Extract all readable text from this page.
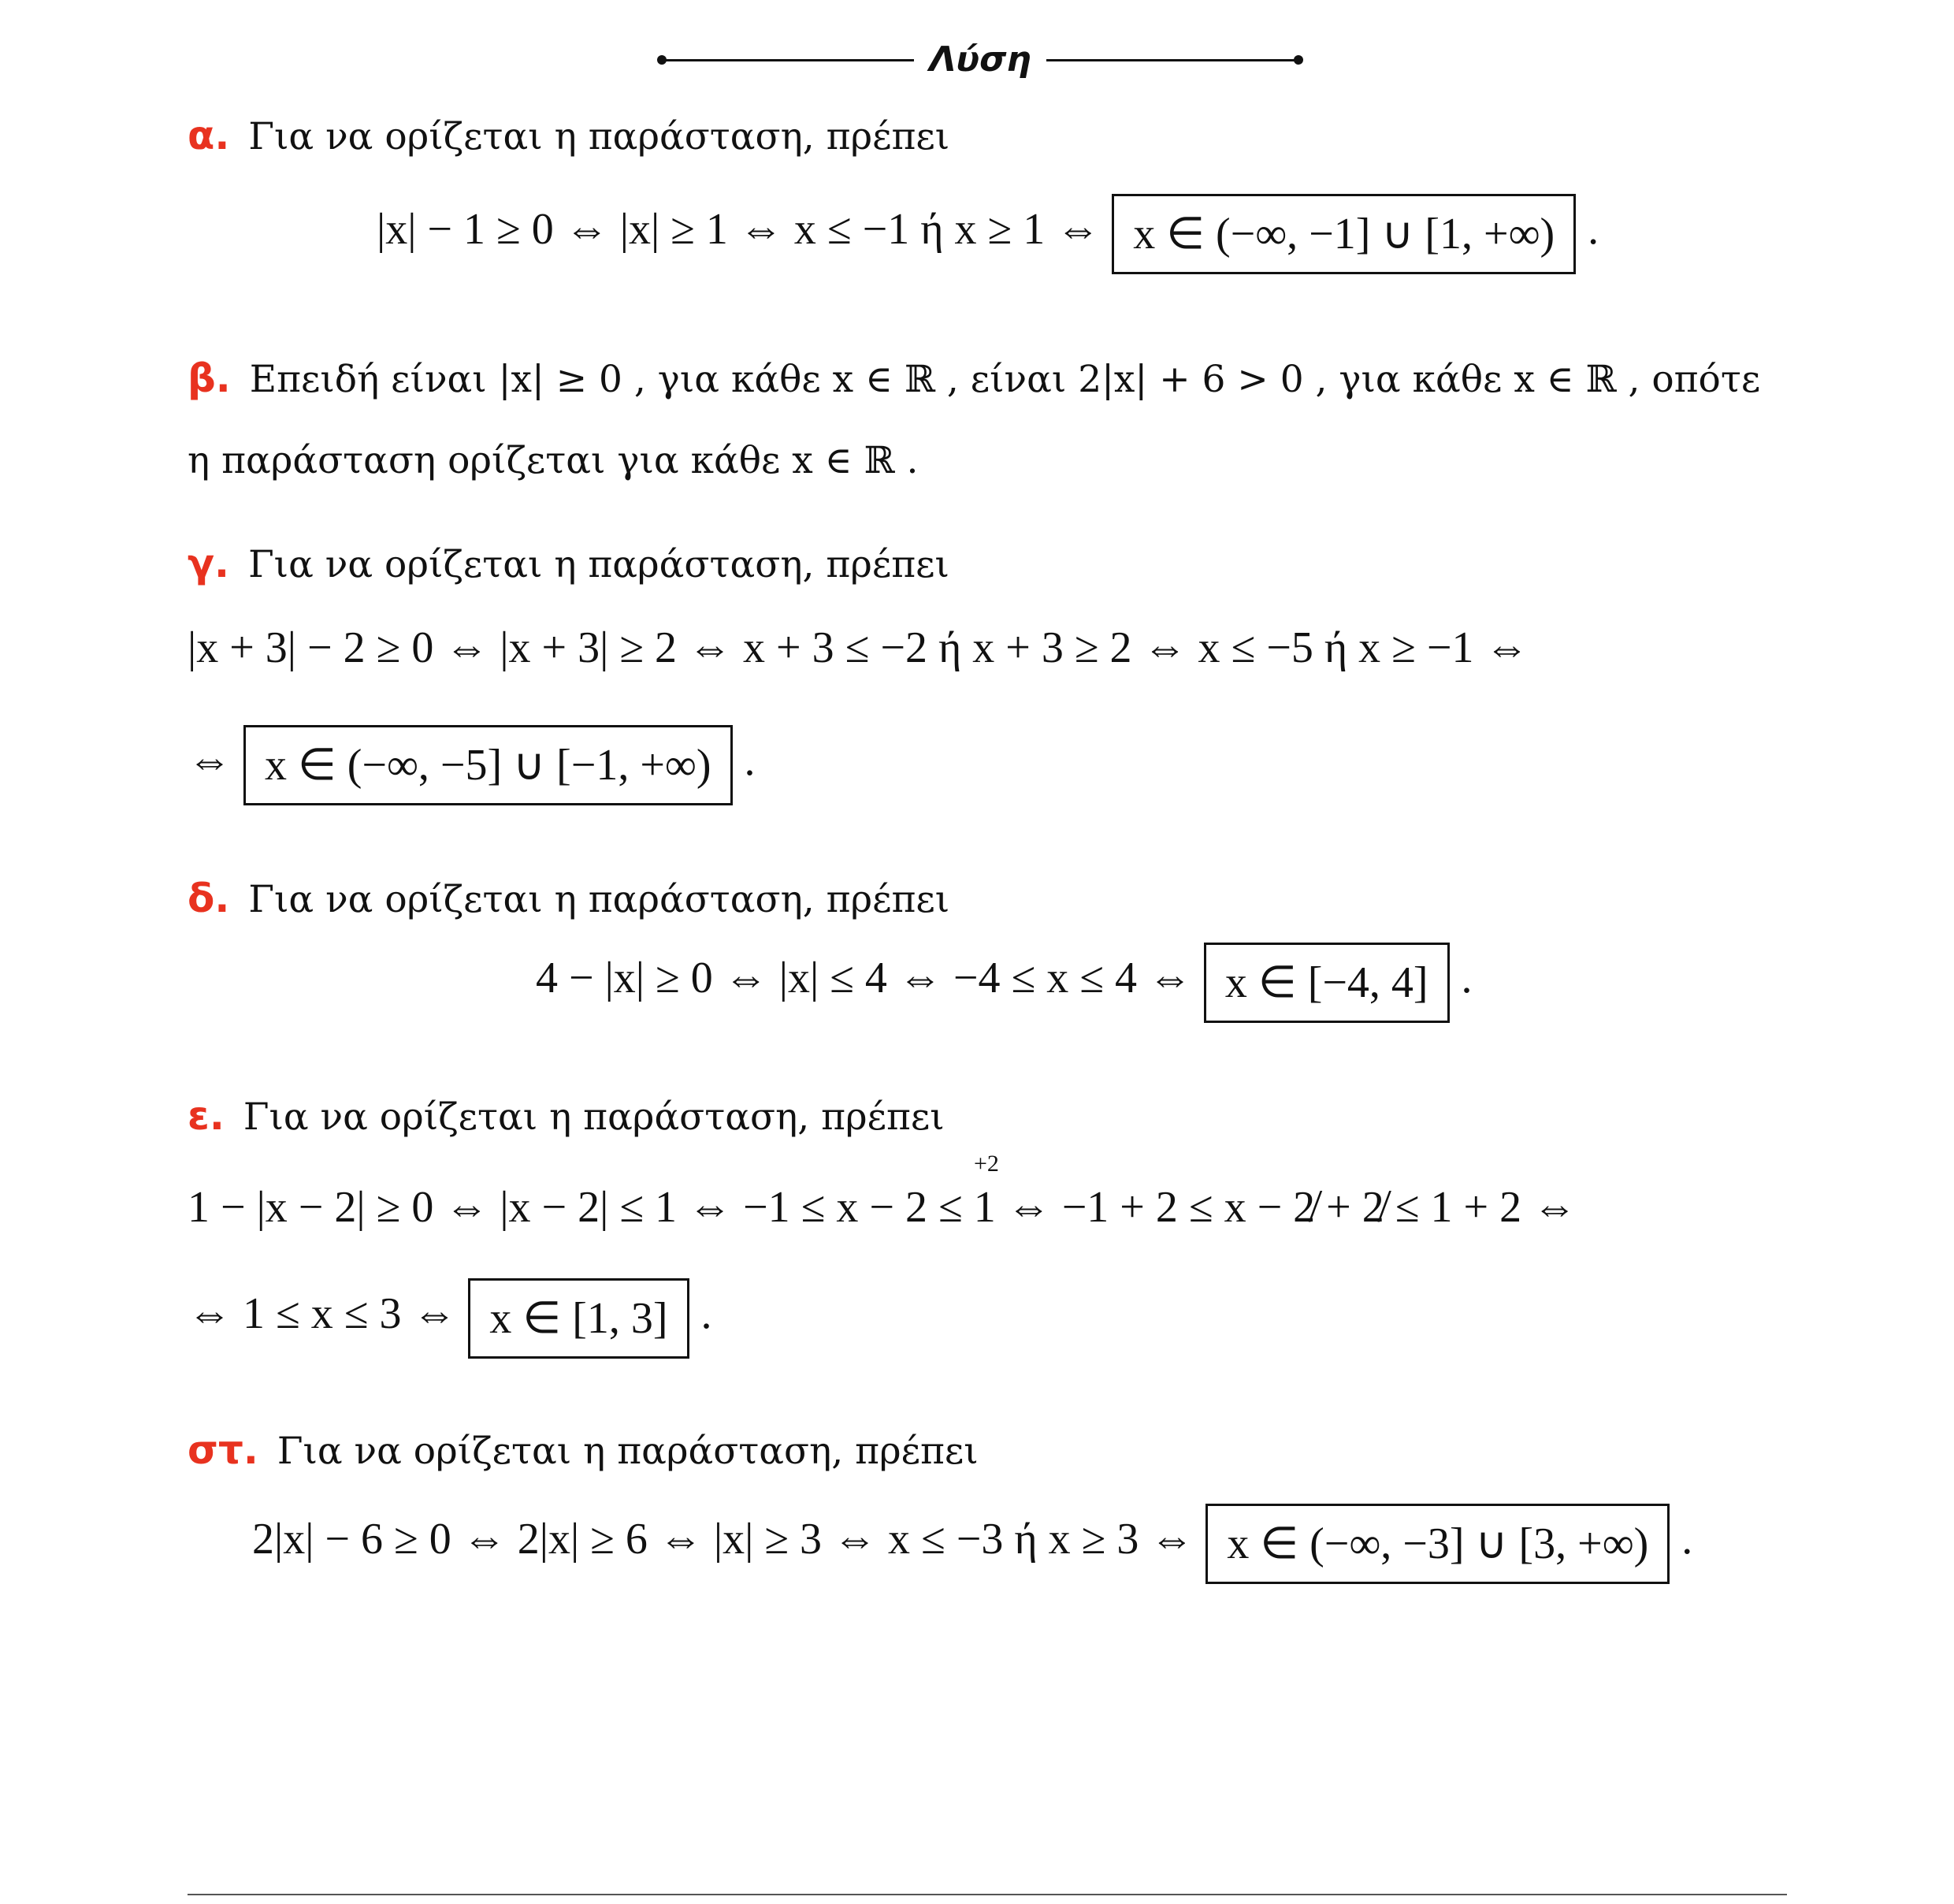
Λύση
α. Για να ορίζεται η παράσταση, πρέπει
|x| − 1 ≥ 0 ⇔ |x| ≥ 1 ⇔ x ≤ −1 ή x ≥ 1 ⇔ x ∈ (−∞, −1] ∪ [1, +∞) .
β. Επειδή είναι |x| ≥ 0 , για κάθε x ∈ ℝ , είναι 2|x| + 6 > 0 , για κάθε x ∈ ℝ , οπότε
η παράσταση ορίζεται για κάθε x ∈ ℝ .
γ. Για να ορίζεται η παράσταση, πρέπει
|x + 3| − 2 ≥ 0 ⇔ |x + 3| ≥ 2 ⇔ x + 3 ≤ −2 ή x + 3 ≥ 2 ⇔ x ≤ −5 ή x ≥ −1 ⇔
⇔ x ∈ (−∞, −5] ∪ [−1, +∞) .
δ. Για να ορίζεται η παράσταση, πρέπει
4 − |x| ≥ 0 ⇔ |x| ≤ 4 ⇔ −4 ≤ x ≤ 4 ⇔ x ∈ [−4, 4] .
ε. Για να ορίζεται η παράσταση, πρέπει
+2
1 − |x − 2| ≥ 0 ⇔ |x − 2| ≤ 1 ⇔ −1 ≤ x − 2 ≤ 1 ⇔ −1 + 2 ≤ x − 2̸ + 2̸ ≤ 1 + 2 ⇔
⇔ 1 ≤ x ≤ 3 ⇔ x ∈ [1, 3] .
στ. Για να ορίζεται η παράσταση, πρέπει
2|x| − 6 ≥ 0 ⇔ 2|x| ≥ 6 ⇔ |x| ≥ 3 ⇔ x ≤ −3 ή x ≥ 3 ⇔ x ∈ (−∞, −3] ∪ [3, +∞) .
